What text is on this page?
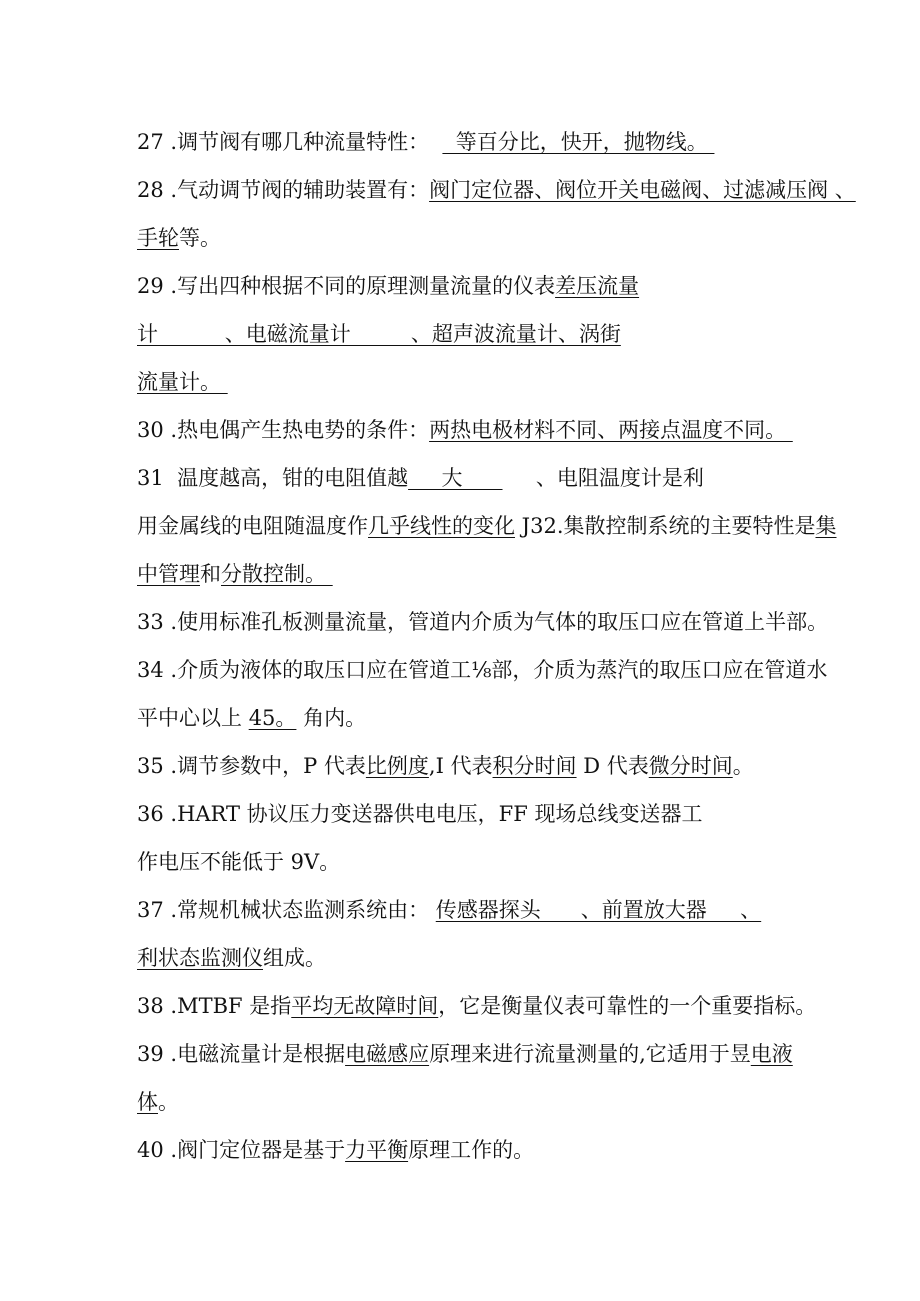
27 .调节阀有哪几种流量特性：    等百分比，快开，抛物线。
28 .气动调节阀的辅助装置有：阀门定位器、阀位开关电磁阀、过滤减压阀 、
手轮等。
29 .写出四种根据不同的原理测量流量的仪表差压流量
计          、电磁流量计         、超声波流量计、涡街
流量计。
30 .热电偶产生热电势的条件：两热电极材料不同、两接点温度不同。
31  温度越高，钳的电阻值越     大           、电阻温度计是利
用金属线的电阻随温度作几乎线性的变化 J32.集散控制系统的主要特性是集
中管理和分散控制。
33 .使用标准孔板测量流量，管道内介质为气体的取压口应在管道上半部。
34 .介质为液体的取压口应在管道工⅛部，介质为蒸汽的取压口应在管道水
平中心以上 45。 角内。
35 .调节参数中，P 代表比例度,I 代表积分时间 D 代表微分时间。
36 .HART 协议压力变送器供电电压，FF 现场总线变送器工
作电压不能低于 9V。
37 .常规机械状态监测系统由： 传感器探头      、前置放大器     、
利状态监测仪组成。
38 .MTBF 是指平均无故障时间，它是衡量仪表可靠性的一个重要指标。
39 .电磁流量计是根据电磁感应原理来进行流量测量的,它适用于昱电液
体。
40 .阀门定位器是基于力平衡原理工作的。
